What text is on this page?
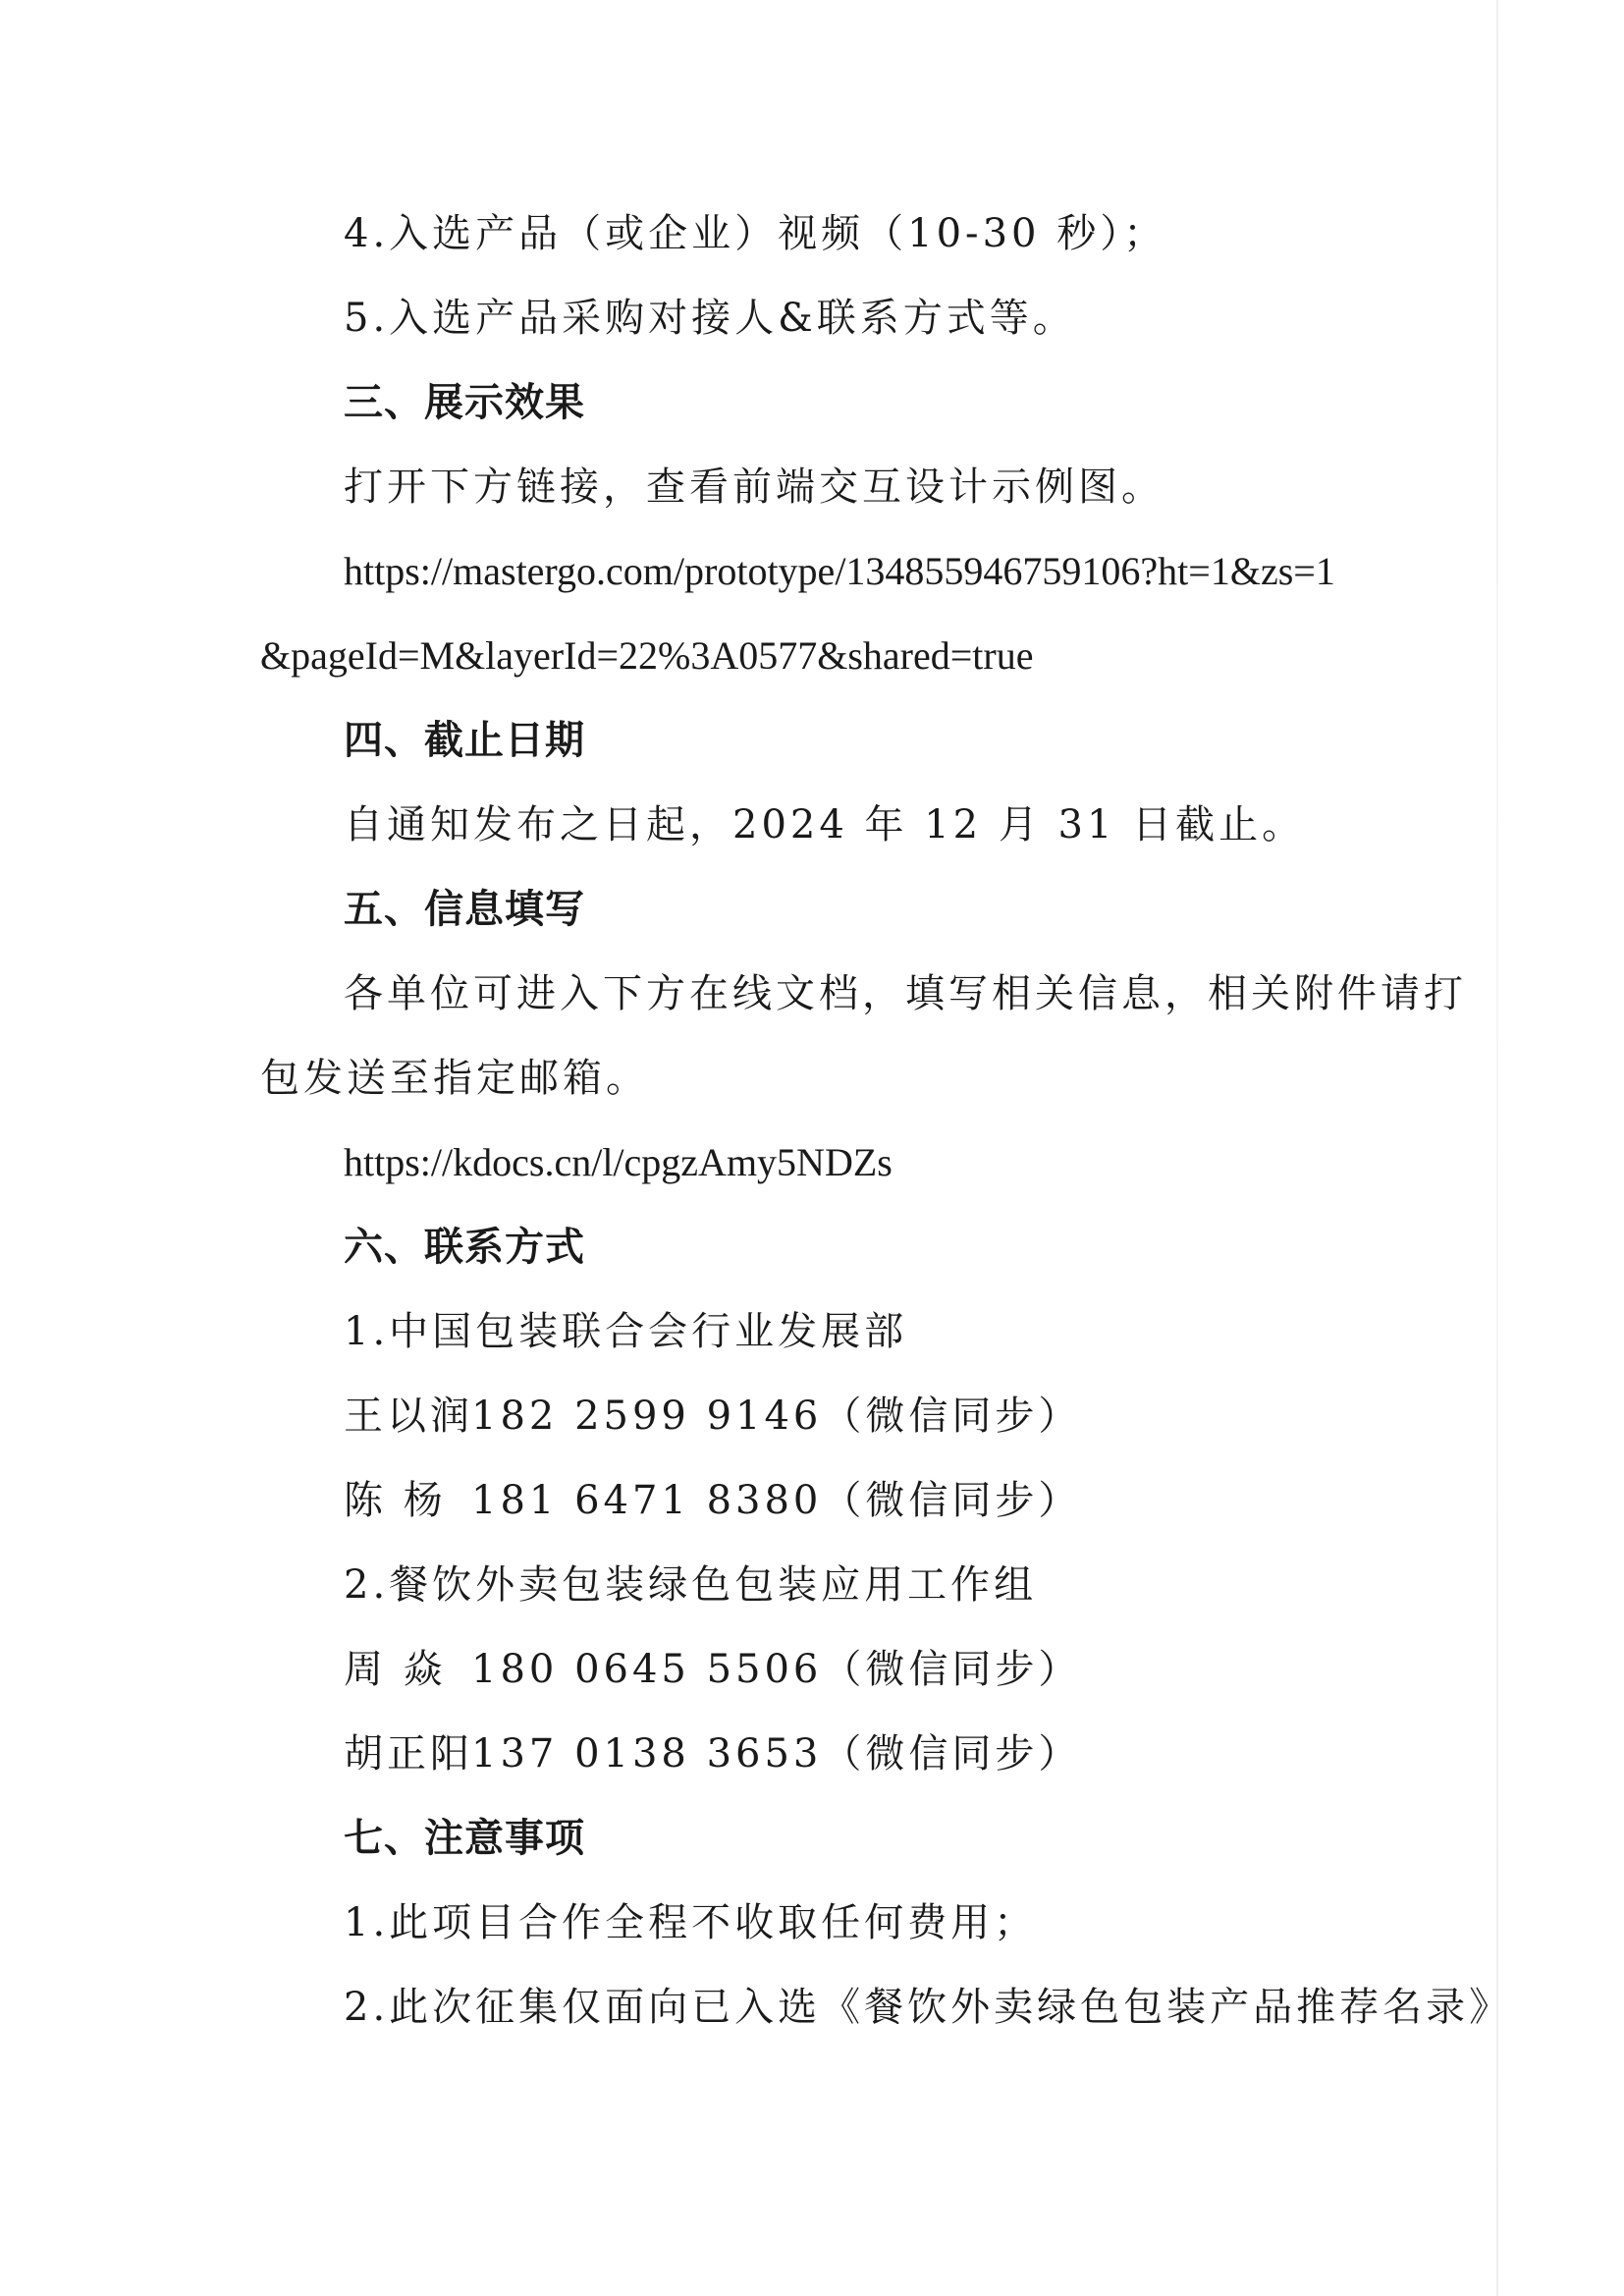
4.入选产品（或企业）视频（10-30 秒）；
5.入选产品采购对接人&联系方式等。
三、展示效果
打开下方链接，查看前端交互设计示例图。
https://mastergo.com/prototype/134855946759106?ht=1&zs=1
&pageId=M&layerId=22%3A0577&shared=true
四、截止日期
自通知发布之日起，2024 年 12 月 31 日截止。
五、信息填写
各单位可进入下方在线文档，填写相关信息，相关附件请打
包发送至指定邮箱。
https://kdocs.cn/l/cpgzAmy5NDZs
六、联系方式
1.中国包装联合会行业发展部
王以润182 2599 9146（微信同步）
陈 杨 181 6471 8380（微信同步）
2.餐饮外卖包装绿色包装应用工作组
周 焱 180 0645 5506（微信同步）
胡正阳137 0138 3653（微信同步）
七、注意事项
1.此项目合作全程不收取任何费用；
2.此次征集仅面向已入选《餐饮外卖绿色包装产品推荐名录》
